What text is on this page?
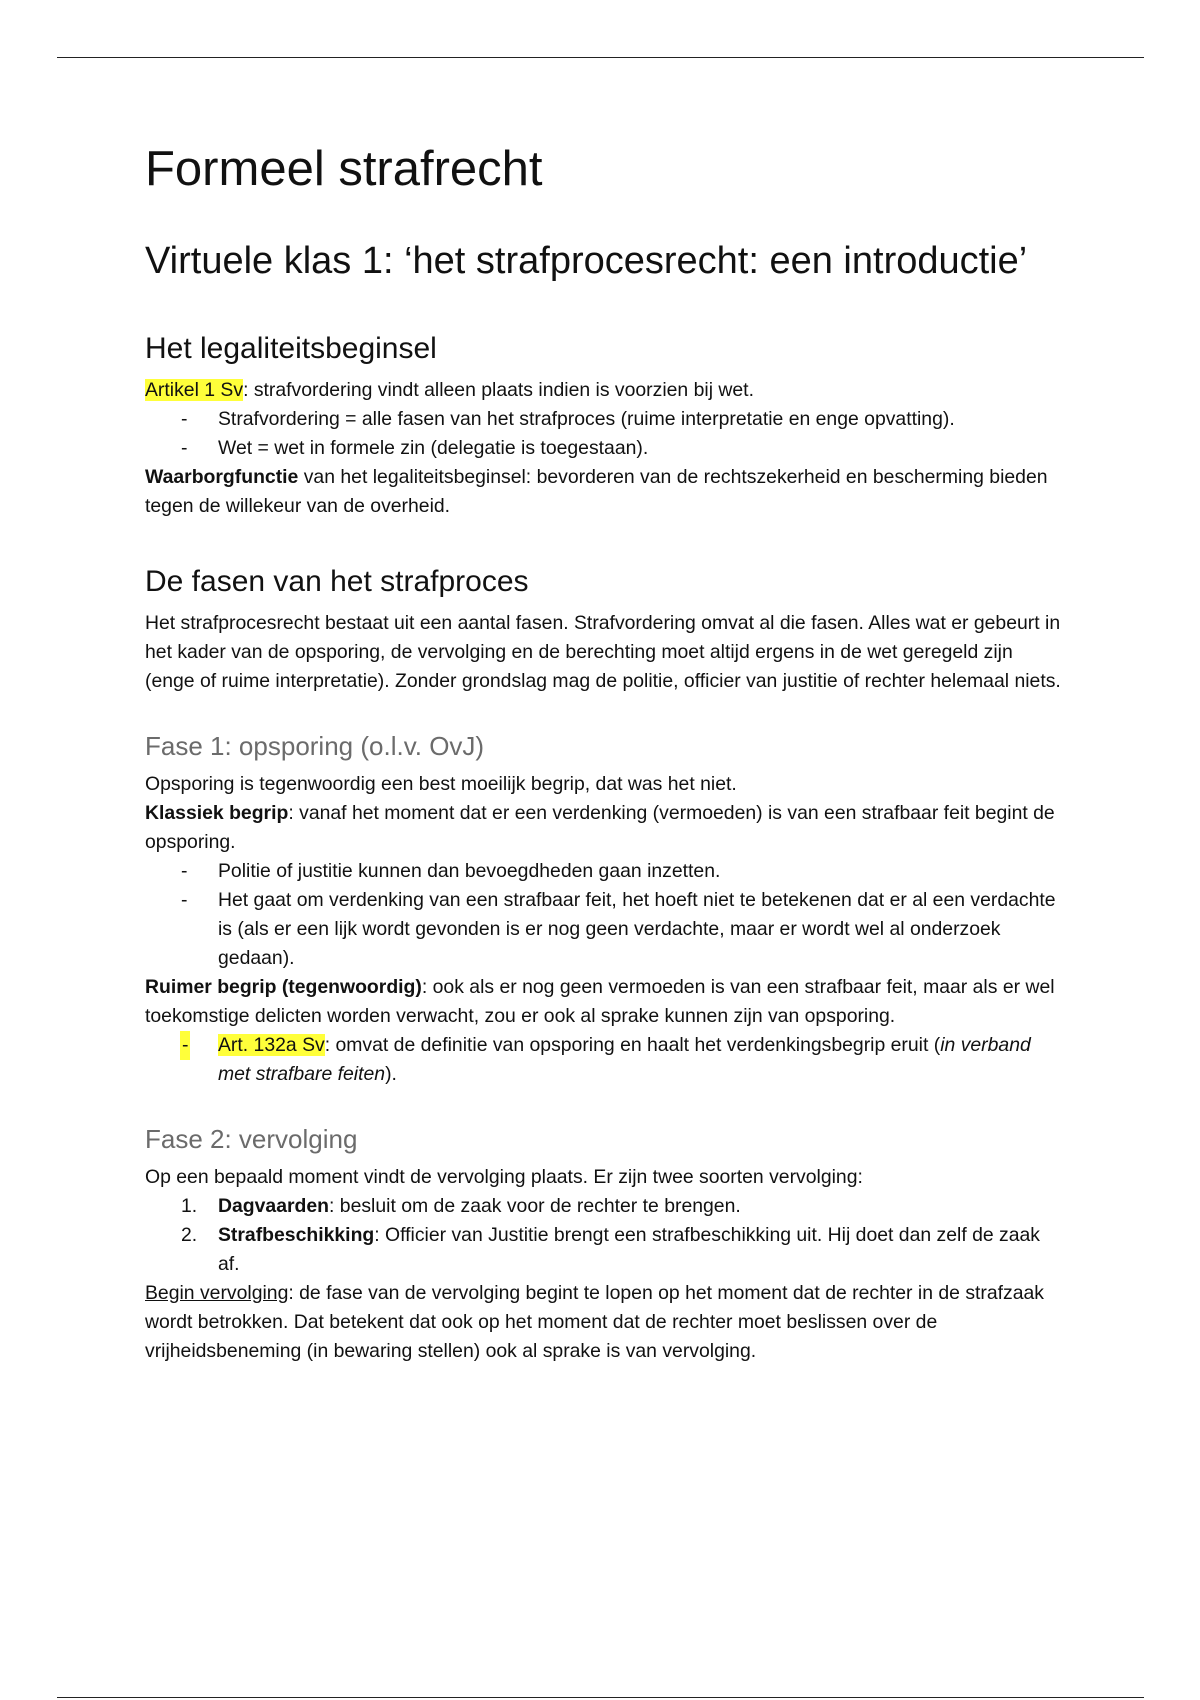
Formeel strafrecht
Virtuele klas 1: ‘het strafprocesrecht: een introductie’
Het legaliteitsbeginsel

Artikel 1 Sv: strafvordering vindt alleen plaats indien is voorzien bij wet.

- Strafvordering = alle fasen van het strafproces (ruime interpretatie en enge opvatting).
- Wet = wet in formele zin (delegatie is toegestaan).

Waarborgfunctie van het legaliteitsbeginsel: bevorderen van de rechtszekerheid en bescherming bieden tegen de willekeur van de overheid.

De fasen van het strafproces

Het strafprocesrecht bestaat uit een aantal fasen. Strafvordering omvat al die fasen. Alles wat er gebeurt in het kader van de opsporing, de vervolging en de berechting moet altijd ergens in de wet geregeld zijn (enge of ruime interpretatie). Zonder grondslag mag de politie, officier van justitie of rechter helemaal niets.

Fase 1: opsporing (o.l.v. OvJ)

Opsporing is tegenwoordig een best moeilijk begrip, dat was het niet.

Klassiek begrip: vanaf het moment dat er een verdenking (vermoeden) is van een strafbaar feit begint de opsporing.

- Politie of justitie kunnen dan bevoegdheden gaan inzetten.
- Het gaat om verdenking van een strafbaar feit, het hoeft niet te betekenen dat er al een verdachte is (als er een lijk wordt gevonden is er nog geen verdachte, maar er wordt wel al onderzoek gedaan).

Ruimer begrip (tegenwoordig): ook als er nog geen vermoeden is van een strafbaar feit, maar als er wel toekomstige delicten worden verwacht, zou er ook al sprake kunnen zijn van opsporing.

- Art. 132a Sv: omvat de definitie van opsporing en haalt het verdenkingsbegrip eruit (in verband met strafbare feiten).
Fase 2: vervolging

Op een bepaald moment vindt de vervolging plaats. Er zijn twee soorten vervolging:

1. Dagvaarden: besluit om de zaak voor de rechter te brengen.
2. Strafbeschikking: Officier van Justitie brengt een strafbeschikking uit. Hij doet dan zelf de zaak af.

Begin vervolging: de fase van de vervolging begint te lopen op het moment dat de rechter in de strafzaak wordt betrokken. Dat betekent dat ook op het moment dat de rechter moet beslissen over de vrijheidsbeneming (in bewaring stellen) ook al sprake is van vervolging.
